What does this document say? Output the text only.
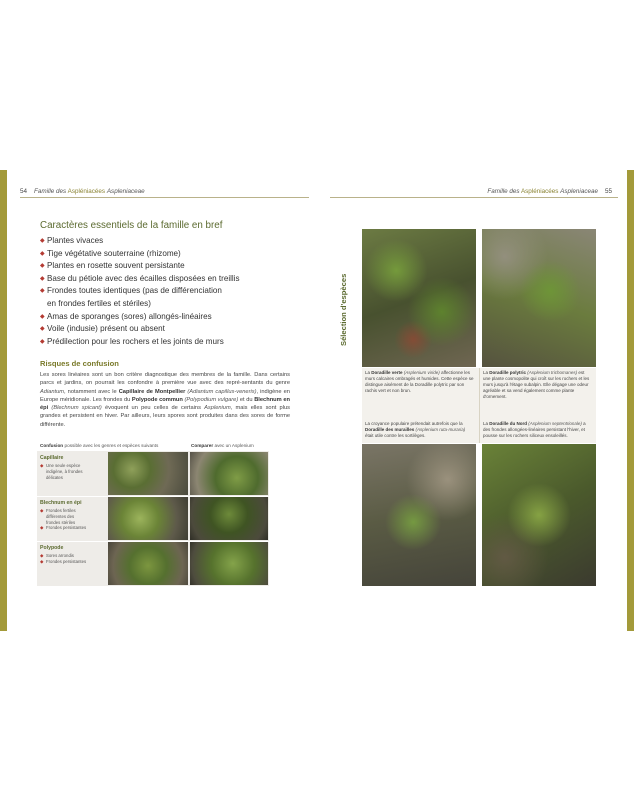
54 Famille des Aspléniacées Aspleniaceae	Famille des Aspléniacées Aspleniaceae 55
Caractères essentiels de la famille en bref
◆ Plantes vivaces
◆ Tige végétative souterraine (rhizome)
◆ Plantes en rosette souvent persistante
◆ Base du pétiole avec des écailles disposées en treillis
◆ Frondes toutes identiques (pas de différenciation
en frondes fertiles et stériles)
◆ Amas de sporanges (sores) allongés-linéaires
◆ Voile (indusie) présent ou absent
◆ Prédilection pour les rochers et les joints de murs
Risques de confusion
Les sores linéaires sont un bon critère diagnostique des membres de la famille. Dans certains parcs et jardins, on pourrait les confondre à première vue avec des repré-sentants du genre Adiantum, notamment avec le Capillaire de Montpellier (Adiantum capillus-veneris), indigène en Europe méridionale. Les frondes du Polypode commun (Polypodium vulgare) et du Blechnum en épi (Blechnum spicant) évoquent un peu celles de certains Asplenium, mais elles sont plus grandes et persistent en hiver. Par ailleurs, leurs spores sont produites dans des sores de forme différente.
Confusion possible avec les genres et espèces suivants	Comparer avec un Asplenium
Capillaire
◆ Une seule espèce
indigène, à frondes
délicates
Blechnum en épi
◆ Frondes fertiles
différentes des
frondes stériles
◆ Frondes persistantes
Polypode
◆ Sores arrondis
◆ Frondes persistantes
Sélection d'espèces
La Doradille verte (Asplenium viride) affectionne les murs calcaires ombragés et humides. Cette espèce se distingue aisément de la Doradille polytric par son rachis vert et non brun.
La Doradille polytric (Asplenium trichomanes) est une plante cosmopolite qui croît sur les rochers et les murs jusqu'à l'étage subalpin. Elle dégage une odeur agréable et sa vend également comme plante d'ornement.
La croyance populaire prétendait autrefois que la Doradille des murailles (Asplenium ruta-muraria) était utile contre les sortilèges.
La Doradille du Nord (Asplenium septentrionale) a des frondes allongées-linéaires persistant l'hiver, et pousse sur les rochers siliceux ensoleillés.
